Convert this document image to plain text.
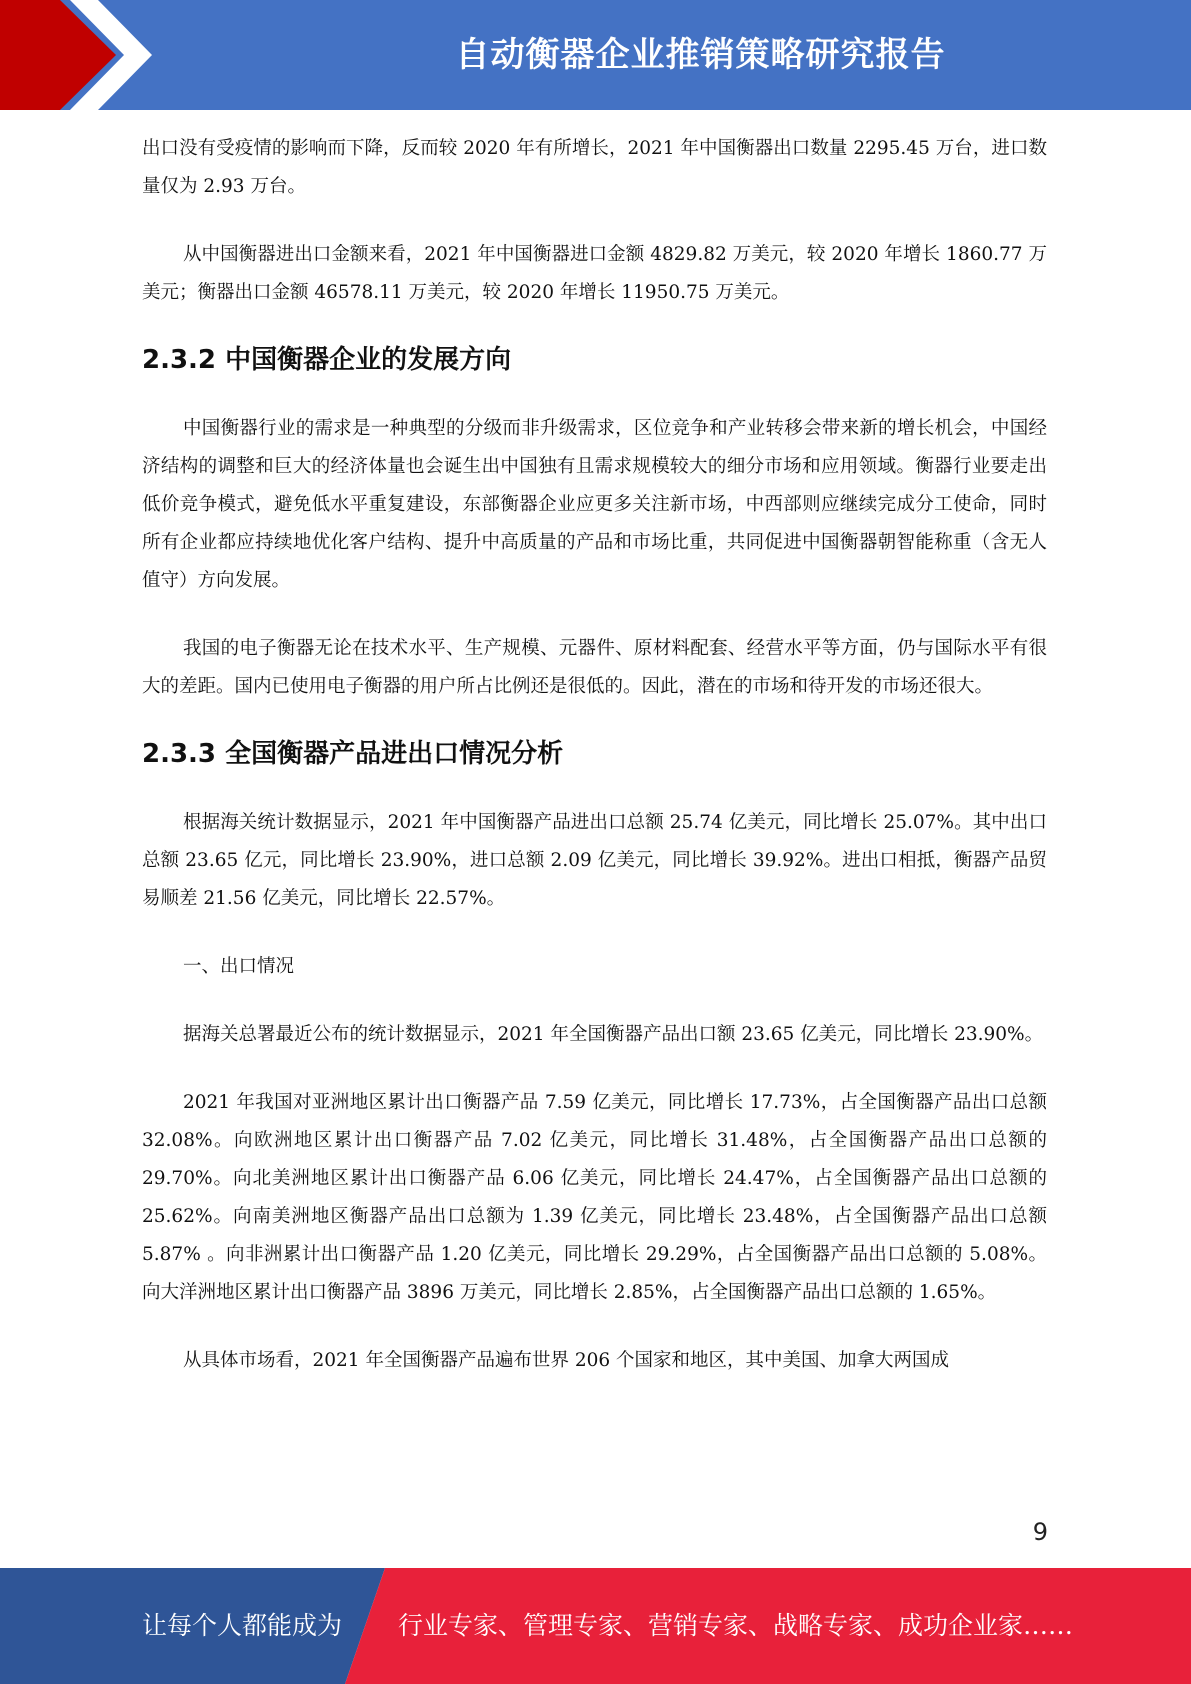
自动衡器企业推销策略研究报告

出口没有受疫情的影响而下降，反而较 2020 年有所增长，2021 年中国衡器出口数量 2295.45 万台，进口数量仅为 2.93 万台。

从中国衡器进出口金额来看，2021 年中国衡器进口金额 4829.82 万美元，较 2020 年增长 1860.77 万美元；衡器出口金额 46578.11 万美元，较 2020 年增长 11950.75 万美元。

2.3.2 中国衡器企业的发展方向

中国衡器行业的需求是一种典型的分级而非升级需求，区位竞争和产业转移会带来新的增长机会，中国经济结构的调整和巨大的经济体量也会诞生出中国独有且需求规模较大的细分市场和应用领域。衡器行业要走出低价竞争模式，避免低水平重复建设，东部衡器企业应更多关注新市场，中西部则应继续完成分工使命，同时所有企业都应持续地优化客户结构、提升中高质量的产品和市场比重，共同促进中国衡器朝智能称重（含无人值守）方向发展。

我国的电子衡器无论在技术水平、生产规模、元器件、原材料配套、经营水平等方面，仍与国际水平有很大的差距。国内已使用电子衡器的用户所占比例还是很低的。因此，潜在的市场和待开发的市场还很大。

2.3.3 全国衡器产品进出口情况分析

根据海关统计数据显示，2021 年中国衡器产品进出口总额 25.74 亿美元，同比增长 25.07%。其中出口总额 23.65 亿元，同比增长 23.90%，进口总额 2.09 亿美元，同比增长 39.92%。进出口相抵，衡器产品贸易顺差 21.56 亿美元，同比增长 22.57%。

一、出口情况

据海关总署最近公布的统计数据显示，2021 年全国衡器产品出口额 23.65 亿美元，同比增长 23.90%。

2021 年我国对亚洲地区累计出口衡器产品 7.59 亿美元，同比增长 17.73%，占全国衡器产品出口总额 32.08%。向欧洲地区累计出口衡器产品 7.02 亿美元，同比增长 31.48%，占全国衡器产品出口总额的 29.70%。向北美洲地区累计出口衡器产品 6.06 亿美元，同比增长 24.47%，占全国衡器产品出口总额的 25.62%。向南美洲地区衡器产品出口总额为 1.39 亿美元，同比增长 23.48%，占全国衡器产品出口总额 5.87% 。向非洲累计出口衡器产品 1.20 亿美元，同比增长 29.29%，占全国衡器产品出口总额的 5.08%。向大洋洲地区累计出口衡器产品 3896 万美元，同比增长 2.85%，占全国衡器产品出口总额的 1.65%。

从具体市场看，2021 年全国衡器产品遍布世界 206 个国家和地区，其中美国、加拿大两国成

9
让每个人都能成为 行业专家、管理专家、营销专家、战略专家、成功企业家……
